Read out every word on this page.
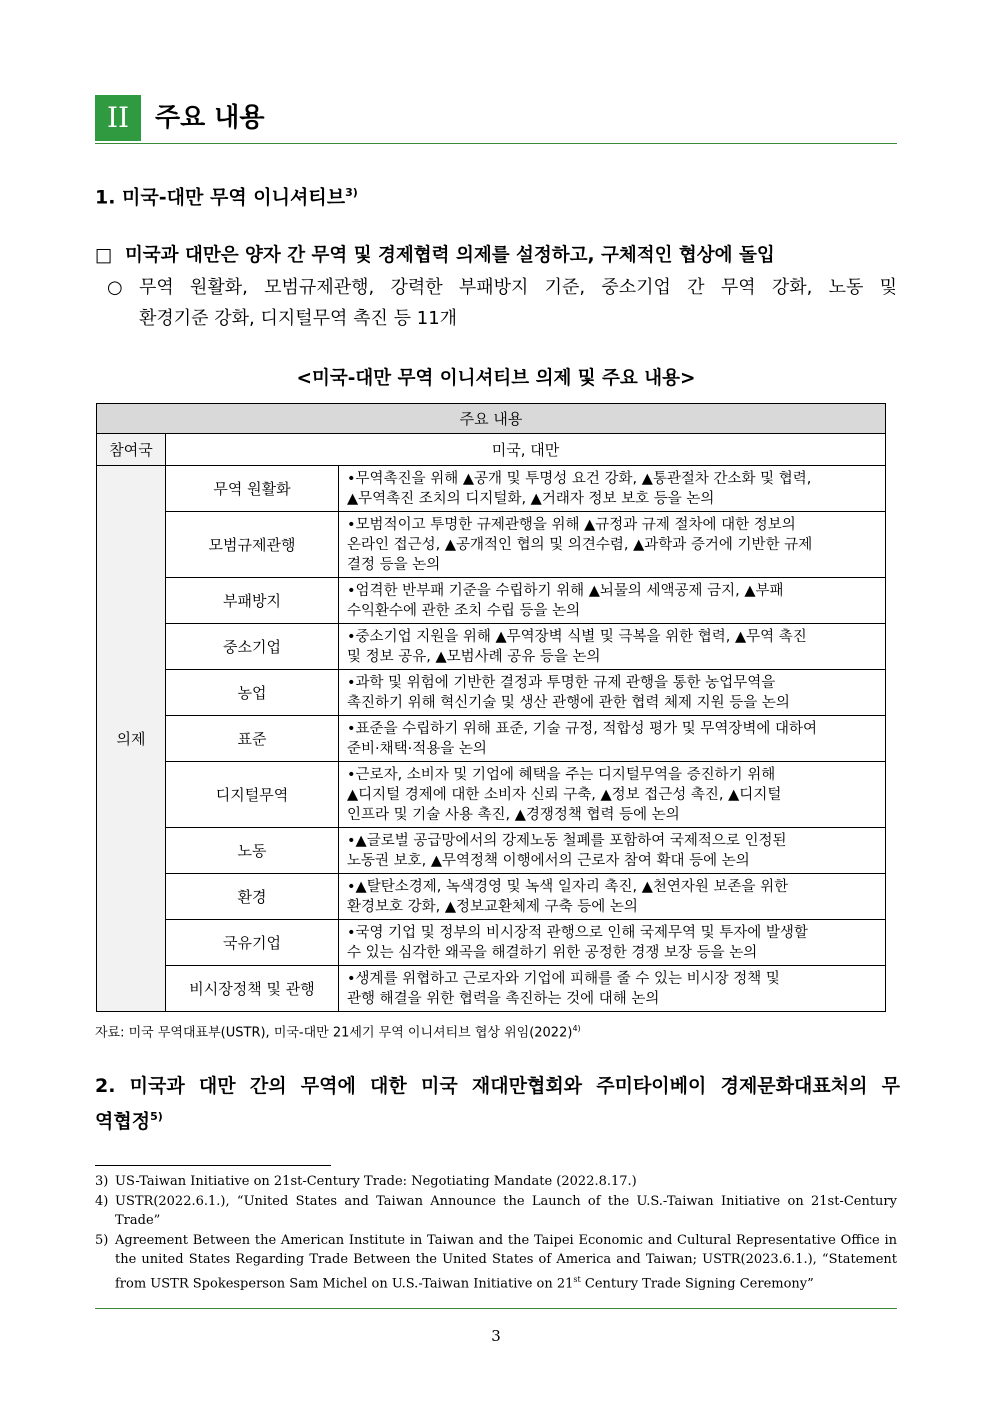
II 주요 내용
1. 미국-대만 무역 이니셔티브$^{3)}$
□ 미국과 대만은 양자 간 무역 및 경제협력 의제를 설정하고, 구체적인 협상에 돌입
○ 무역 원활화, 모범규제관행, 강력한 부패방지 기준, 중소기업 간 무역 강화, 노동 및
환경기준 강화, 디지털무역 촉진 등 11개
<미국-대만 무역 이니셔티브 의제 및 주요 내용>
주요 내용		
참여국	미국, 대만	
의제	무역 원활화	•무역촉진을 위해 ▲공개 및 투명성 요건 강화, ▲통관절차 간소화 및 협력,
▲무역촉진 조치의 디지털화, ▲거래자 정보 보호 등을 논의

	모범규제관행	•모범적이고 투명한 규제관행을 위해 ▲규정과 규제 절차에 대한 정보의
온라인 접근성, ▲공개적인 협의 및 의견수렴, ▲과학과 증거에 기반한 규제
결정 등을 논의

	부패방지	•엄격한 반부패 기준을 수립하기 위해 ▲뇌물의 세액공제 금지, ▲부패
수익환수에 관한 조치 수립 등을 논의

	중소기업	•중소기업 지원을 위해 ▲무역장벽 식별 및 극복을 위한 협력, ▲무역 촉진
및 정보 공유, ▲모범사례 공유 등을 논의

	농업	•과학 및 위험에 기반한 결정과 투명한 규제 관행을 통한 농업무역을
촉진하기 위해 혁신기술 및 생산 관행에 관한 협력 체제 지원 등을 논의

	표준	•표준을 수립하기 위해 표준, 기술 규정, 적합성 평가 및 무역장벽에 대하여
준비·채택·적용을 논의

	디지털무역	•근로자, 소비자 및 기업에 혜택을 주는 디지털무역을 증진하기 위해
▲디지털 경제에 대한 소비자 신뢰 구축, ▲정보 접근성 촉진, ▲디지털
인프라 및 기술 사용 촉진, ▲경쟁정책 협력 등에 논의

	노동	•▲글로벌 공급망에서의 강제노동 철폐를 포함하여 국제적으로 인정된
노동권 보호, ▲무역정책 이행에서의 근로자 참여 확대 등에 논의

	환경	•▲탈탄소경제, 녹색경영 및 녹색 일자리 촉진, ▲천연자원 보존을 위한
환경보호 강화, ▲정보교환체제 구축 등에 논의

	국유기업	•국영 기업 및 정부의 비시장적 관행으로 인해 국제무역 및 투자에 발생할
수 있는 심각한 왜곡을 해결하기 위한 공정한 경쟁 보장 등을 논의

	비시장정책 및 관행	•생계를 위협하고 근로자와 기업에 피해를 줄 수 있는 비시장 정책 및
관행 해결을 위한 협력을 촉진하는 것에 대해 논의
자료: 미국 무역대표부(USTR), 미국-대만 21세기 무역 이니셔티브 협상 위임$(2022)^{4)}$
2. 미국과 대만 간의 무역에 대한 미국 재대만협회와 주미타이베이 경제문화대표처의 무
역협정$^{5)}$
3) US-Taiwan Initiative on 21st-Century Trade: Negotiating Mandate (2022.8.17.)
4) USTR(2022.6.1.), “United States and Taiwan Announce the Launch of the U.S.-Taiwan Initiative on 21st-Century Trade”
5) Agreement Between the American Institute in Taiwan and the Taipei Economic and Cultural Representative Office in the united States Regarding Trade Between the United States of America and Taiwan; USTR(2023.6.1.), “Statement from USTR Spokesperson Sam Michel on U.S.-Taiwan Initiative on 21st Century Trade Signing Ceremony”
3
